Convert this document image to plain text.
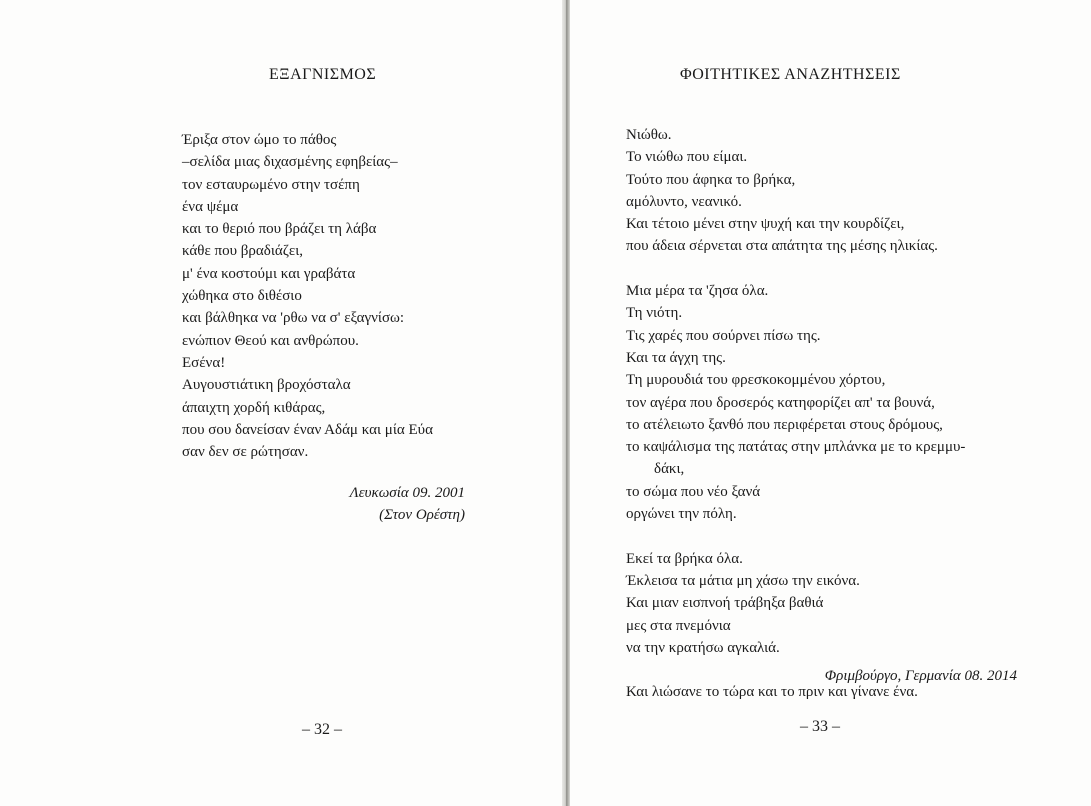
ΕΞΑΓΝΙΣΜΟΣ
Έριξα στον ώμο το πάθος
–σελίδα μιας διχασμένης εφηβείας–
τον εσταυρωμένο στην τσέπη
ένα ψέμα
και το θεριό που βράζει τη λάβα
κάθε που βραδιάζει,
μ' ένα κοστούμι και γραβάτα
χώθηκα στο διθέσιο
και βάλθηκα να 'ρθω να σ' εξαγνίσω:
ενώπιον Θεού και ανθρώπου.
Εσένα!
Αυγουστιάτικη βροχόσταλα
άπαιχτη χορδή κιθάρας,
που σου δανείσαν έναν Αδάμ και μία Εύα
σαν δεν σε ρώτησαν.
Λευκωσία 09. 2001
(Στον Ορέστη)
– 32 –
ΦΟΙΤΗΤΙΚΕΣ ΑΝΑΖΗΤΗΣΕΙΣ
Νιώθω.
Το νιώθω που είμαι.
Τούτο που άφηκα το βρήκα,
αμόλυντο, νεανικό.
Και τέτοιο μένει στην ψυχή και την κουρδίζει,
που άδεια σέρνεται στα απάτητα της μέσης ηλικίας.
Μια μέρα τα 'ζησα όλα.
Τη νιότη.
Τις χαρές που σούρνει πίσω της.
Και τα άγχη της.
Τη μυρουδιά του φρεσκοκομμένου χόρτου,
τον αγέρα που δροσερός κατηφορίζει απ' τα βουνά,
το ατέλειωτο ξανθό που περιφέρεται στους δρόμους,
το καψάλισμα της πατάτας στην μπλάνκα με το κρεμμυ-
δάκι,
το σώμα που νέο ξανά
οργώνει την πόλη.
Εκεί τα βρήκα όλα.
Έκλεισα τα μάτια μη χάσω την εικόνα.
Και μιαν εισπνοή τράβηξα βαθιά
μες στα πνεμόνια
να την κρατήσω αγκαλιά.
Και λιώσανε το τώρα και το πριν και γίνανε ένα.
Φριμβούργο, Γερμανία 08. 2014
– 33 –
